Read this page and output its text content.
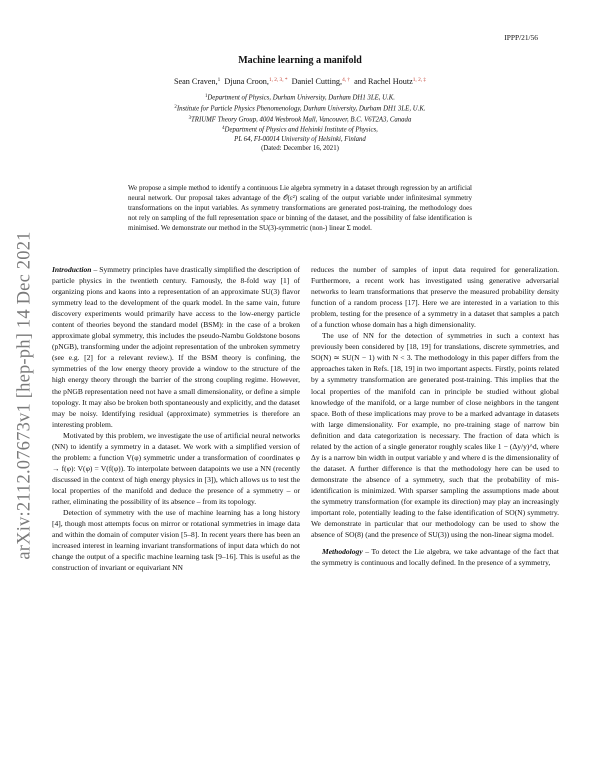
arXiv:2112.07673v1 [hep-ph] 14 Dec 2021
IPPP/21/56
Machine learning a manifold
Sean Craven,$^1$ Djuna Croon,$^{1, 2, 3, *}$ Daniel Cutting,$^{4, \dagger}$ and Rachel Houtz$^{1, 2, \ddagger}$
$^1$Department of Physics, Durham University, Durham DH1 3LE, U.K.
$^2$Institute for Particle Physics Phenomenology, Durham University, Durham DH1 3LE, U.K.
$^3$TRIUMF Theory Group, 4004 Wesbrook Mall, Vancouver, B.C. V6T2A3, Canada
$^4$Department of Physics and Helsinki Institute of Physics,
PL 64, FI-00014 University of Helsinki, Finland
(Dated: December 16, 2021)
We propose a simple method to identify a continuous Lie algebra symmetry in a dataset through regression by an artificial neural network. Our proposal takes advantage of the 𝒪(ε²) scaling of the output variable under infinitesimal symmetry transformations on the input variables. As symmetry transformations are generated post-training, the methodology does not rely on sampling of the full representation space or binning of the dataset, and the possibility of false identification is minimised. We demonstrate our method in the SU(3)-symmetric (non-) linear Σ model.

Introduction – Symmetry principles have drastically simplified the description of particle physics in the twentieth century. Famously, the 8-fold way [1] of organizing pions and kaons into a representation of an approximate SU(3) flavor symmetry lead to the development of the quark model. In the same vain, future discovery experiments would primarily have access to the low-energy particle content of theories beyond the standard model (BSM): in the case of a broken approximate global symmetry, this includes the pseudo-Nambu Goldstone bosons (pNGB), transforming under the adjoint representation of the unbroken symmetry (see e.g. [2] for a relevant review.). If the BSM theory is confining, the symmetries of the low energy theory provide a window to the structure of the high energy theory through the barrier of the strong coupling regime. However, the pNGB representation need not have a small dimensionality, or define a simple topology. It may also be broken both spontaneously and explicitly, and the dataset may be noisy. Identifying residual (approximate) symmetries is therefore an interesting problem.

Motivated by this problem, we investigate the use of artificial neural networks (NN) to identify a symmetry in a dataset. We work with a simplified version of the problem: a function V(φ) symmetric under a transformation of coordinates φ → f(φ): V(φ) = V(f(φ)). To interpolate between datapoints we use a NN (recently discussed in the context of high energy physics in [3]), which allows us to test the local properties of the manifold and deduce the presence of a symmetry – or rather, eliminating the possibility of its absence – from its topology.

Detection of symmetry with the use of machine learning has a long history [4], though most attempts focus on mirror or rotational symmetries in image data and within the domain of computer vision [5–8]. In recent years there has been an increased interest in learning invariant transformations of input data which do not change the output of a specific machine learning task [9–16]. This is useful as the construction of invariant or equivariant NN

reduces the number of samples of input data required for generalization. Furthermore, a recent work has investigated using generative adversarial networks to learn transformations that preserve the measured probability density function of a random process [17]. Here we are interested in a variation to this problem, testing for the presence of a symmetry in a dataset that samples a patch of a function whose domain has a high dimensionality.

The use of NN for the detection of symmetries in such a context has previously been considered by [18, 19] for translations, discrete symmetries, and SO(N) ≃ SU(N − 1) with N < 3. The methodology in this paper differs from the approaches taken in Refs. [18, 19] in two important aspects. Firstly, points related by a symmetry transformation are generated post-training. This implies that the local properties of the manifold can in principle be studied without global knowledge of the manifold, or a large number of close neighbors in the tangent space. Both of these implications may prove to be a marked advantage in datasets with large dimensionality. For example, no pre-training stage of narrow bin definition and data categorization is necessary. The fraction of data which is related by the action of a single generator roughly scales like 1 − (Δy/y)^d, where Δy is a narrow bin width in output variable y and where d is the dimensionality of the dataset. A further difference is that the methodology here can be used to demonstrate the absence of a symmetry, such that the probability of mis-identification is minimized. With sparser sampling the assumptions made about the symmetry transformation (for example its direction) may play an increasingly important role, potentially leading to the false identification of SO(N) symmetry. We demonstrate in particular that our methodology can be used to show the absence of SO(8) (and the presence of SU(3)) using the non-linear sigma model.

Methodology – To detect the Lie algebra, we take advantage of the fact that the symmetry is continuous and locally defined. In the presence of a symmetry,
